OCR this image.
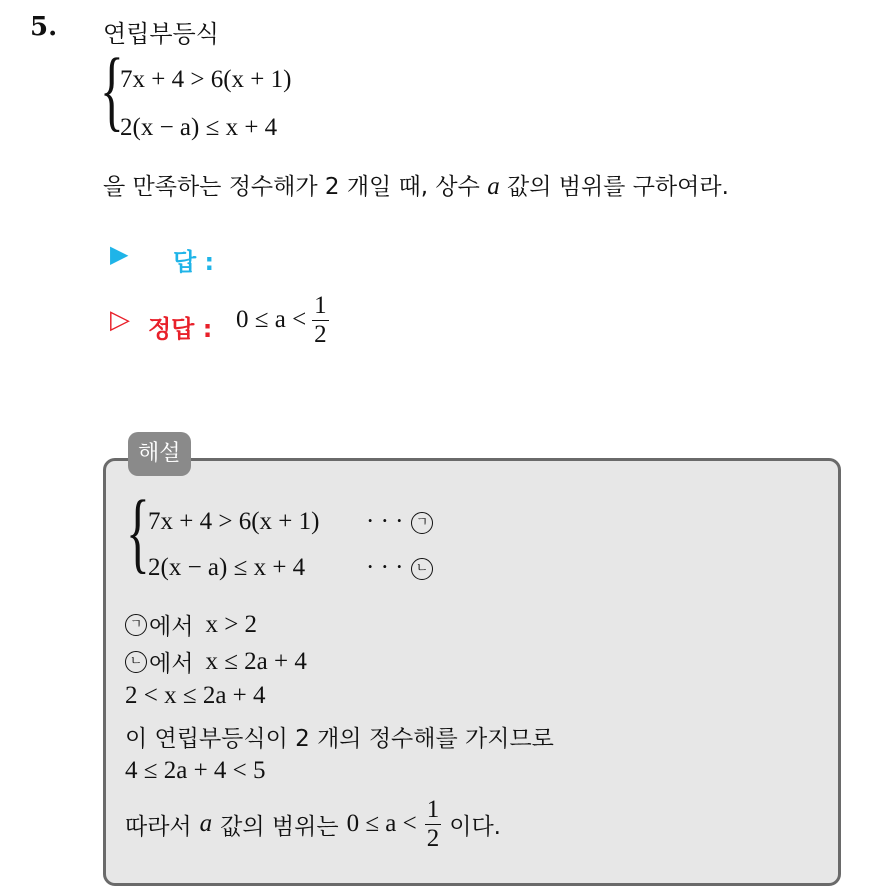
5. 연립부등식
{
7x + 4 > 6(x + 1)
2(x − a) ≤ x + 4
을 만족하는 정수해가 2 개일 때, 상수 a 값의 범위를 구하여라.
▶ 답 :
▷ 정답 : $0 \le a < \frac{1}{2}$
해설
{
7x + 4 > 6(x + 1)
2(x − a) ≤ x + 4
· · ·
· · ·
ㄱ
ㄴ
ㄱ 에서 x > 2
ㄴ 에서 x ≤ 2a + 4
2 < x ≤ 2a + 4
이 연립부등식이 2 개의 정수해를 가지므로
4 ≤ 2a + 4 < 5
따라서 a 값의 범위는 $0 \le a < \frac{1}{2}$ 이다.
